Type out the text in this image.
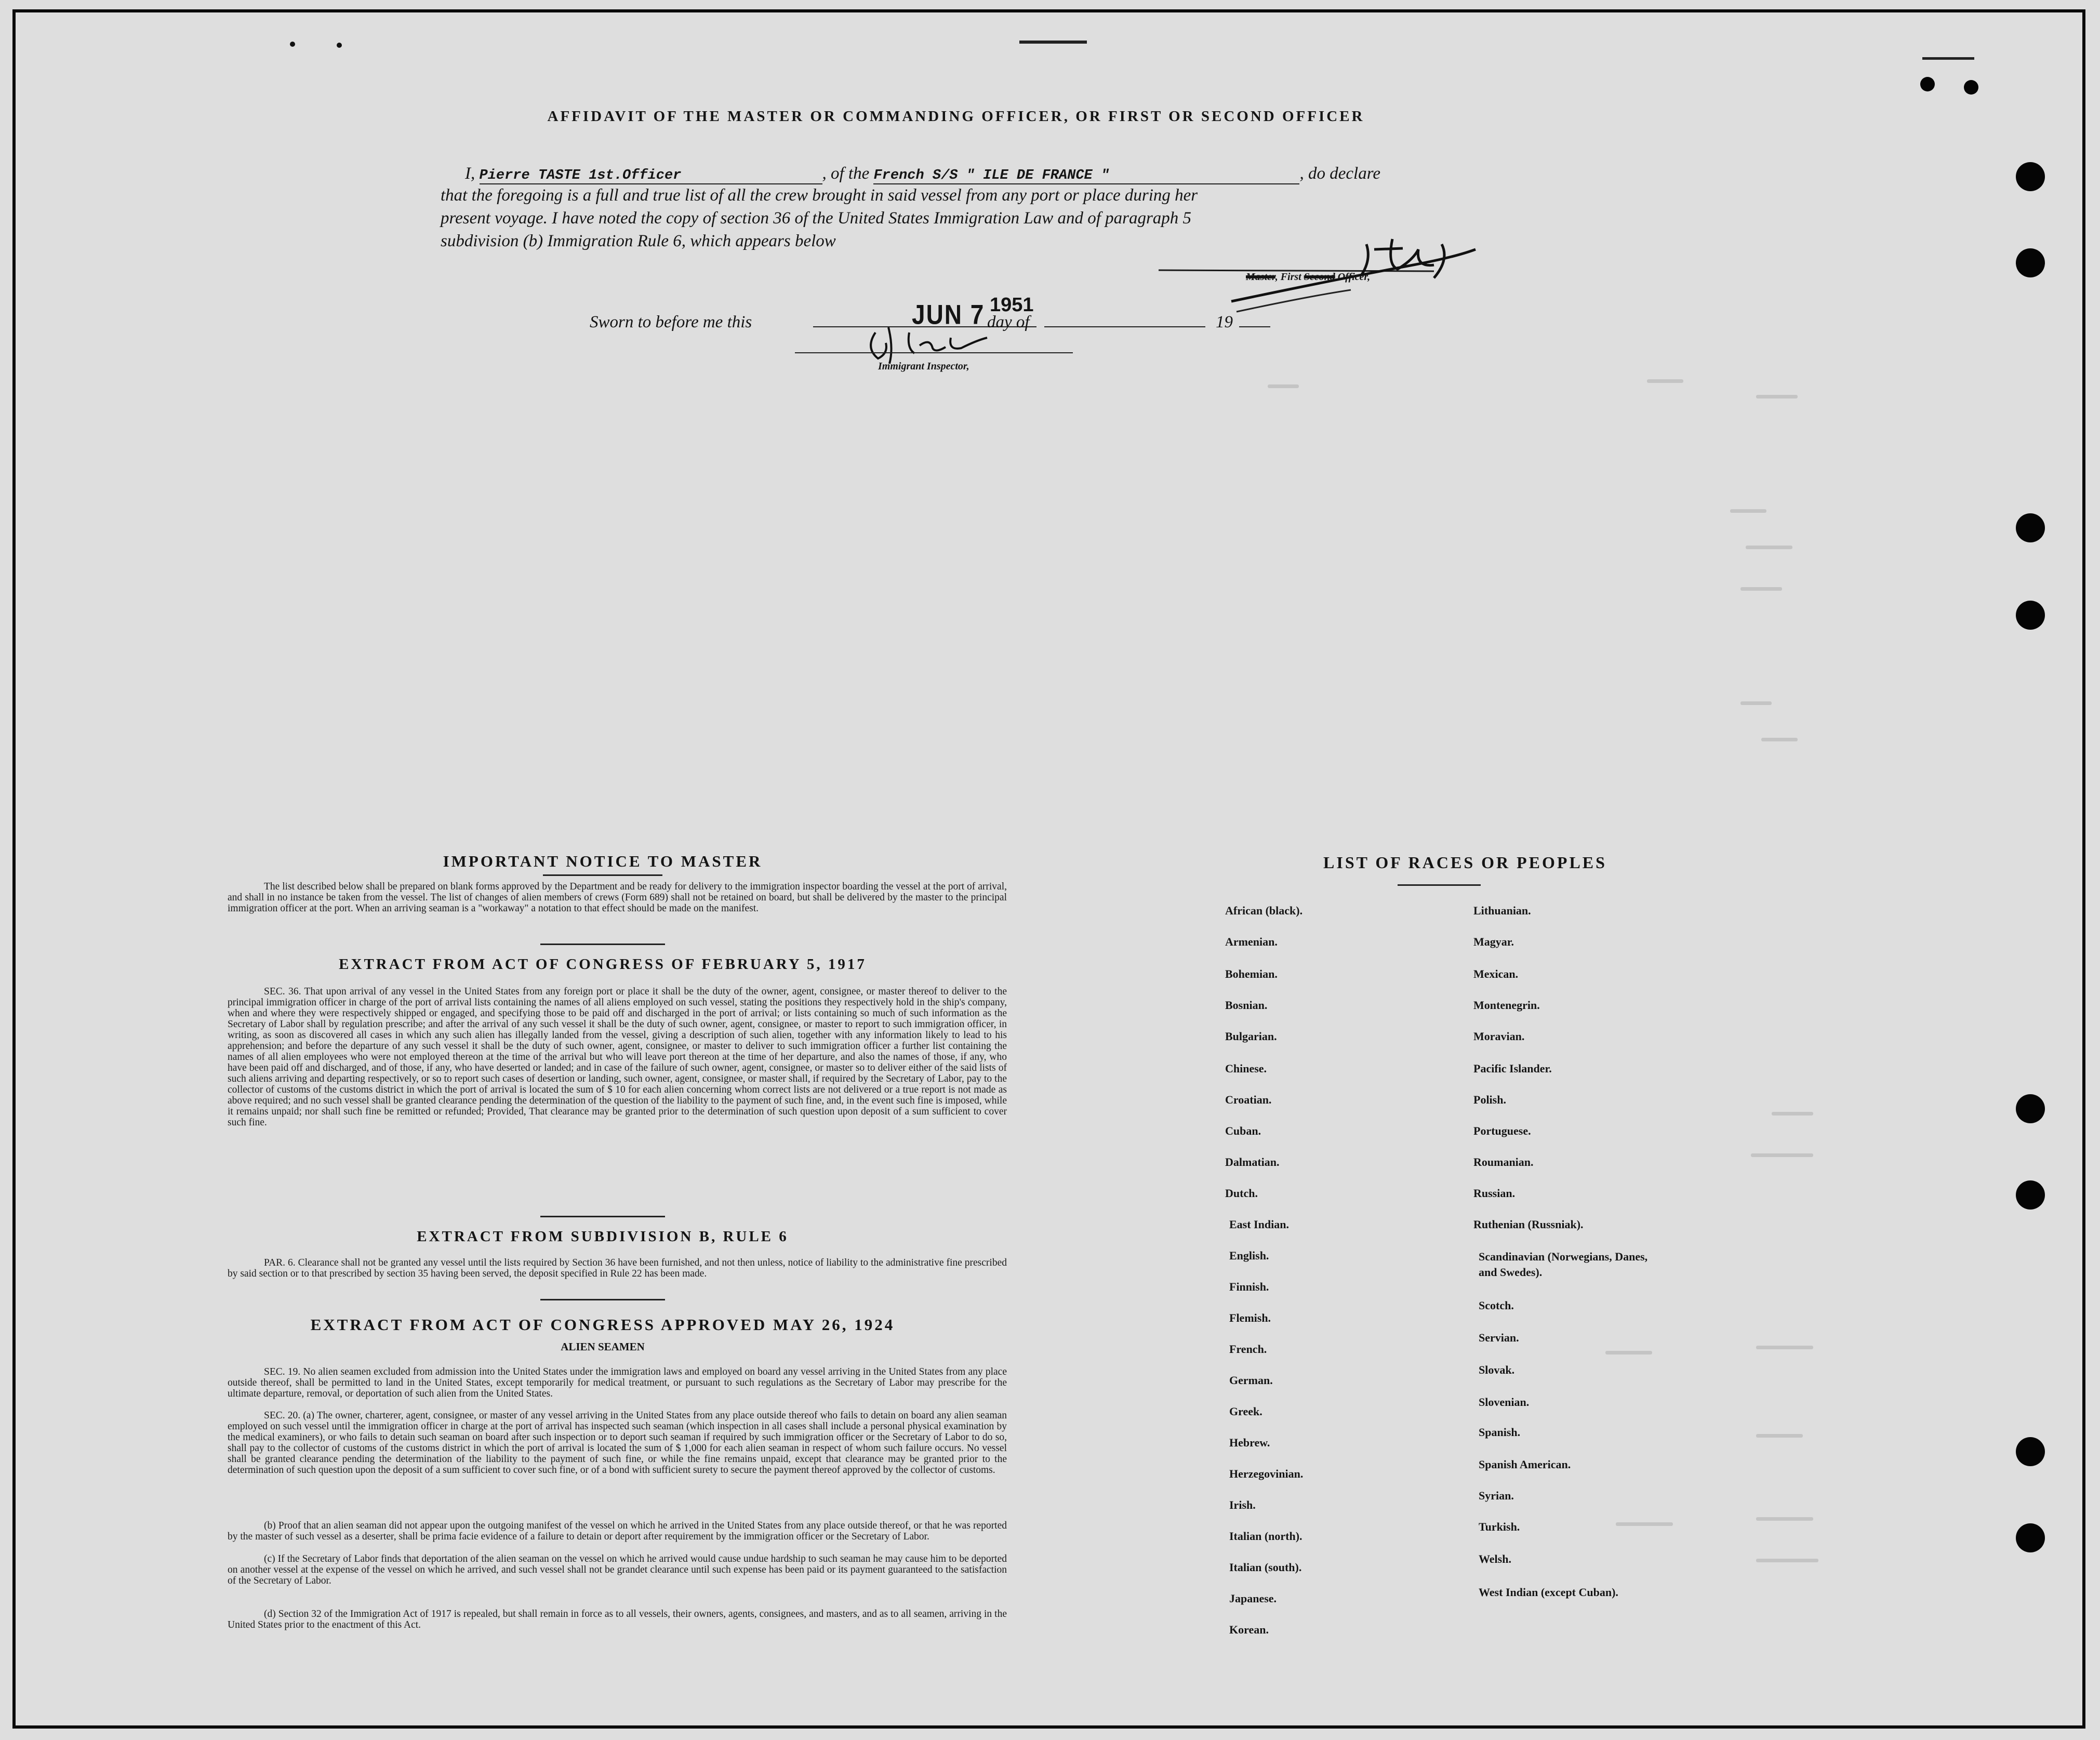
AFFIDAVIT OF THE MASTER OR COMMANDING OFFICER, OR FIRST OR SECOND OFFICER
I, Pierre TASTE 1st.Officer	, of the French S/S " ILE DE FRANCE "	, do declare
that the foregoing is a full and true list of all the crew brought in said vessel from any port or place during her
present voyage. I have noted the copy of section 36 of the United States Immigration Law and of paragraph 5
subdivision (b) Immigration Rule 6, which appears below
Master, First Second Officer,
Sworn to before me this	JUN 7 1951
day of	19
Immigrant Inspector,
IMPORTANT NOTICE TO MASTER
The list described below shall be prepared on blank forms approved by the Department and be ready for delivery to the immigration inspector boarding the vessel at the port of arrival, and shall in no instance be taken from the vessel. The list of changes of alien members of crews (Form 689) shall not be retained on board, but shall be delivered by the master to the principal immigration officer at the port. When an arriving seaman is a "workaway" a notation to that effect should be made on the manifest.
EXTRACT FROM ACT OF CONGRESS OF FEBRUARY 5, 1917
SEC. 36. That upon arrival of any vessel in the United States from any foreign port or place it shall be the duty of the owner, agent, consignee, or master thereof to deliver to the principal immigration officer in charge of the port of arrival lists containing the names of all aliens employed on such vessel, stating the positions they respectively hold in the ship's company, when and where they were respectively shipped or engaged, and specifying those to be paid off and discharged in the port of arrival; or lists containing so much of such information as the Secretary of Labor shall by regulation prescribe; and after the arrival of any such vessel it shall be the duty of such owner, agent, consignee, or master to report to such immigration officer, in writing, as soon as discovered all cases in which any such alien has illegally landed from the vessel, giving a description of such alien, together with any information likely to lead to his apprehension; and before the departure of any such vessel it shall be the duty of such owner, agent, consignee, or master to deliver to such immigration officer a further list containing the names of all alien employees who were not employed thereon at the time of the arrival but who will leave port thereon at the time of her departure, and also the names of those, if any, who have been paid off and discharged, and of those, if any, who have deserted or landed; and in case of the failure of such owner, agent, consignee, or master so to deliver either of the said lists of such aliens arriving and departing respectively, or so to report such cases of desertion or landing, such owner, agent, consignee, or master shall, if required by the Secretary of Labor, pay to the collector of customs of the customs district in which the port of arrival is located the sum of $ 10 for each alien concerning whom correct lists are not delivered or a true report is not made as above required; and no such vessel shall be granted clearance pending the determination of the question of the liability to the payment of such fine, and, in the event such fine is imposed, while it remains unpaid; nor shall such fine be remitted or refunded; Provided, That clearance may be granted prior to the determination of such question upon deposit of a sum sufficient to cover such fine.
EXTRACT FROM SUBDIVISION B, RULE 6
PAR. 6. Clearance shall not be granted any vessel until the lists required by Section 36 have been furnished, and not then unless, notice of liability to the administrative fine prescribed by said section or to that prescribed by section 35 having been served, the deposit specified in Rule 22 has been made.
EXTRACT FROM ACT OF CONGRESS APPROVED MAY 26, 1924
ALIEN SEAMEN
SEC. 19. No alien seamen excluded from admission into the United States under the immigration laws and employed on board any vessel arriving in the United States from any place outside thereof, shall be permitted to land in the United States, except temporarily for medical treatment, or pursuant to such regulations as the Secretary of Labor may prescribe for the ultimate departure, removal, or deportation of such alien from the United States.
SEC. 20. (a) The owner, charterer, agent, consignee, or master of any vessel arriving in the United States from any place outside thereof who fails to detain on board any alien seaman employed on such vessel until the immigration officer in charge at the port of arrival has inspected such seaman (which inspection in all cases shall include a personal physical examination by the medical examiners), or who fails to detain such seaman on board after such inspection or to deport such seaman if required by such immigration officer or the Secretary of Labor to do so, shall pay to the collector of customs of the customs district in which the port of arrival is located the sum of $ 1,000 for each alien seaman in respect of whom such failure occurs. No vessel shall be granted clearance pending the determination of the liability to the payment of such fine, or while the fine remains unpaid, except that clearance may be granted prior to the determination of such question upon the deposit of a sum sufficient to cover such fine, or of a bond with sufficient surety to secure the payment thereof approved by the collector of customs.
(b) Proof that an alien seaman did not appear upon the outgoing manifest of the vessel on which he arrived in the United States from any place outside thereof, or that he was reported by the master of such vessel as a deserter, shall be prima facie evidence of a failure to detain or deport after requirement by the immigration officer or the Secretary of Labor.
(c) If the Secretary of Labor finds that deportation of the alien seaman on the vessel on which he arrived would cause undue hardship to such seaman he may cause him to be deported on another vessel at the expense of the vessel on which he arrived, and such vessel shall not be grandet clearance until such expense has been paid or its payment guaranteed to the satisfaction of the Secretary of Labor.
(d) Section 32 of the Immigration Act of 1917 is repealed, but shall remain in force as to all vessels, their owners, agents, consignees, and masters, and as to all seamen, arriving in the United States prior to the enactment of this Act.
LIST OF RACES OR PEOPLES
African (black).
Armenian.
Bohemian.
Bosnian.
Bulgarian.
Chinese.
Croatian.
Cuban.
Dalmatian.
Dutch.
East Indian.
English.
Finnish.
Flemish.
French.
German.
Greek.
Hebrew.
Herzegovinian.
Irish.
Italian (north).
Italian (south).
Japanese.
Korean.
Lithuanian.
Magyar.
Mexican.
Montenegrin.
Moravian.
Pacific Islander.
Polish.
Portuguese.
Roumanian.
Russian.
Ruthenian (Russniak).
Scandinavian (Norwegians, Danes, and Swedes).
Scotch.
Servian.
Slovak.
Slovenian.
Spanish.
Spanish American.
Syrian.
Turkish.
Welsh.
West Indian (except Cuban).
